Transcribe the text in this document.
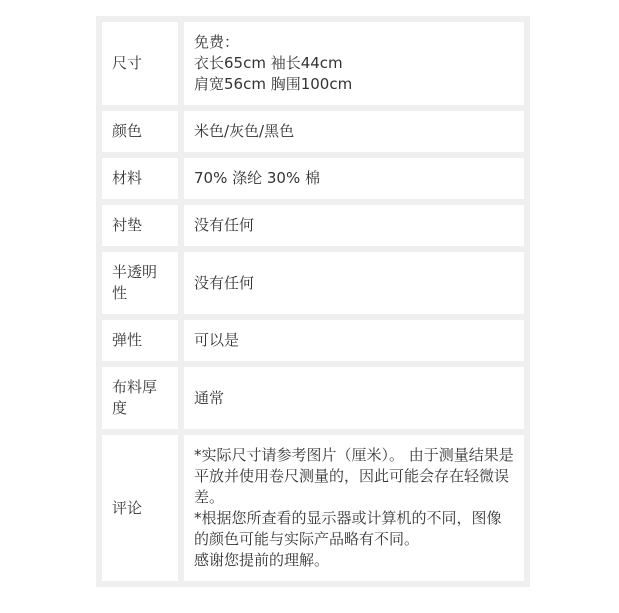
尺寸	免费：
衣长65cm 袖长44cm
肩宽56cm 胸围100cm

颜色	米色/灰色/黑色

材料	70% 涤纶 30% 棉

衬垫	没有任何

半透明性	没有任何

弹性	可以是

布料厚度	通常

评论	*实际尺寸请参考图片（厘米）。 由于测量结果是平放并使用卷尺测量的，因此可能会存在轻微误差。
*根据您所查看的显示器或计算机的不同，图像的颜色可能与实际产品略有不同。
感谢您提前的理解。
